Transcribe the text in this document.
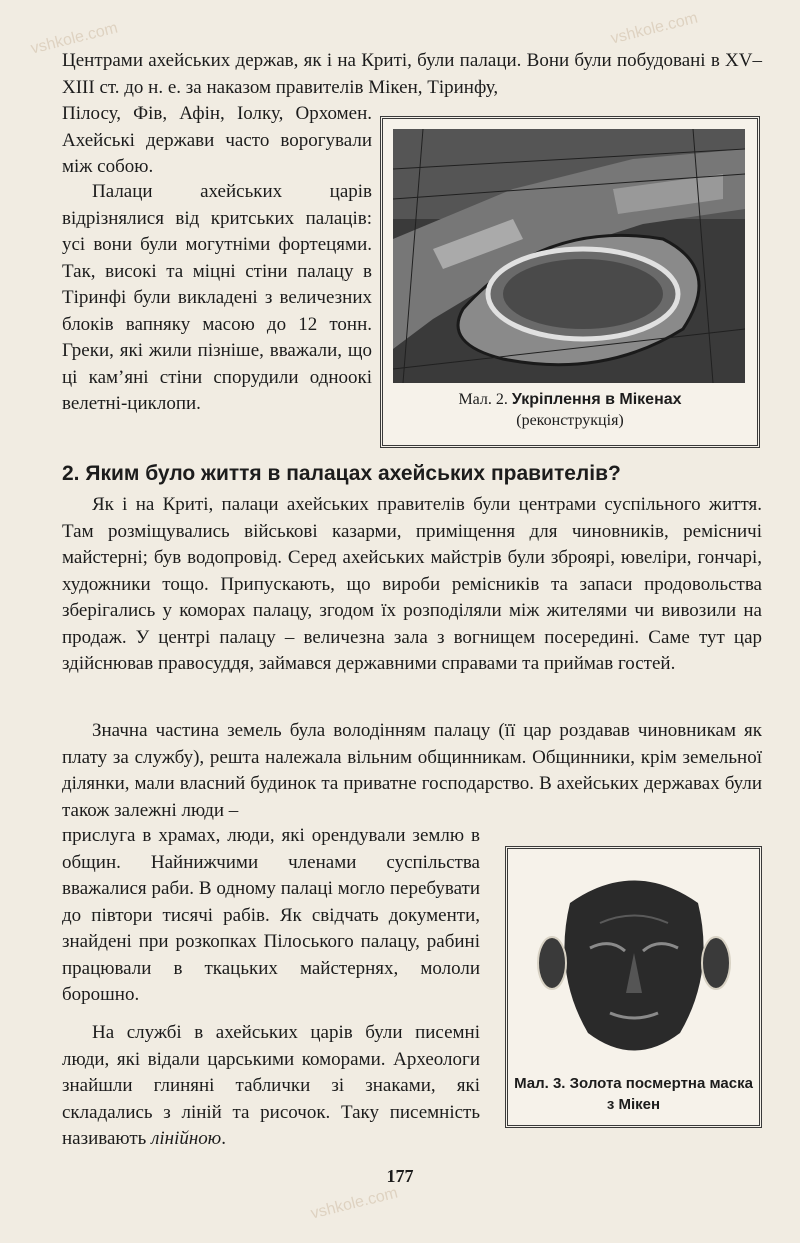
Центрами ахейських держав, як і на Криті, були палаци. Вони були побудовані в XV–XIII ст. до н. е. за наказом правителів Мікен, Тіринфу,

Пілосу, Фів, Афін, Іолку, Орхомен. Ахейські держави часто ворогували між собою.

Палаци ахейських царів відрізнялися від критських палаців: усі вони були могутніми фортецями. Так, високі та міцні стіни палацу в Тіринфі були викладені з величезних блоків вапняку масою до 12 тонн. Греки, які жили пізніше, вважали, що ці кам’яні стіни спорудили одноокі велетні-циклопи.	Мал. 2. Укріплення в Мікенах
(реконструкція)
2. Яким було життя в палацах ахейських правителів?

Як і на Криті, палаци ахейських правителів були центрами суспільного життя. Там розміщувались військові казарми, приміщення для чиновників, ремісничі майстерні; був водопровід. Серед ахейських майстрів були зброярі, ювеліри, гончарі, художники тощо. Припускають, що вироби ремісників та запаси продовольства зберігались у коморах палацу, згодом їх розподіляли між жителями чи вивозили на продаж. У центрі палацу – величезна зала з вогнищем посередині. Саме тут цар здійснював правосуддя, займався державними справами та приймав гостей.

Значна частина земель була володінням палацу (її цар роздавав чиновникам як плату за службу), решта належала вільним общинникам. Общинники, крім земельної ділянки, мали власний будинок та приватне господарство. В ахейських державах були також залежні люди –

прислуга в храмах, люди, які орендували землю в общин. Найнижчими членами суспільства вважалися раби. В одному палаці могло перебувати до півтори тисячі рабів. Як свідчать документи, знайдені при розкопках Пілоського палацу, рабині працювали в ткацьких майстернях, мололи борошно.

На службі в ахейських царів були писемні люди, які відали царськими коморами. Археологи знайшли глиняні таблички зі знаками, які складались з ліній та рисочок. Таку писемність називають лінійною.

Мал. 3. Золота посмертна маска з Мікен
177
vshkole.com	vshkole.com
vshkole.com
